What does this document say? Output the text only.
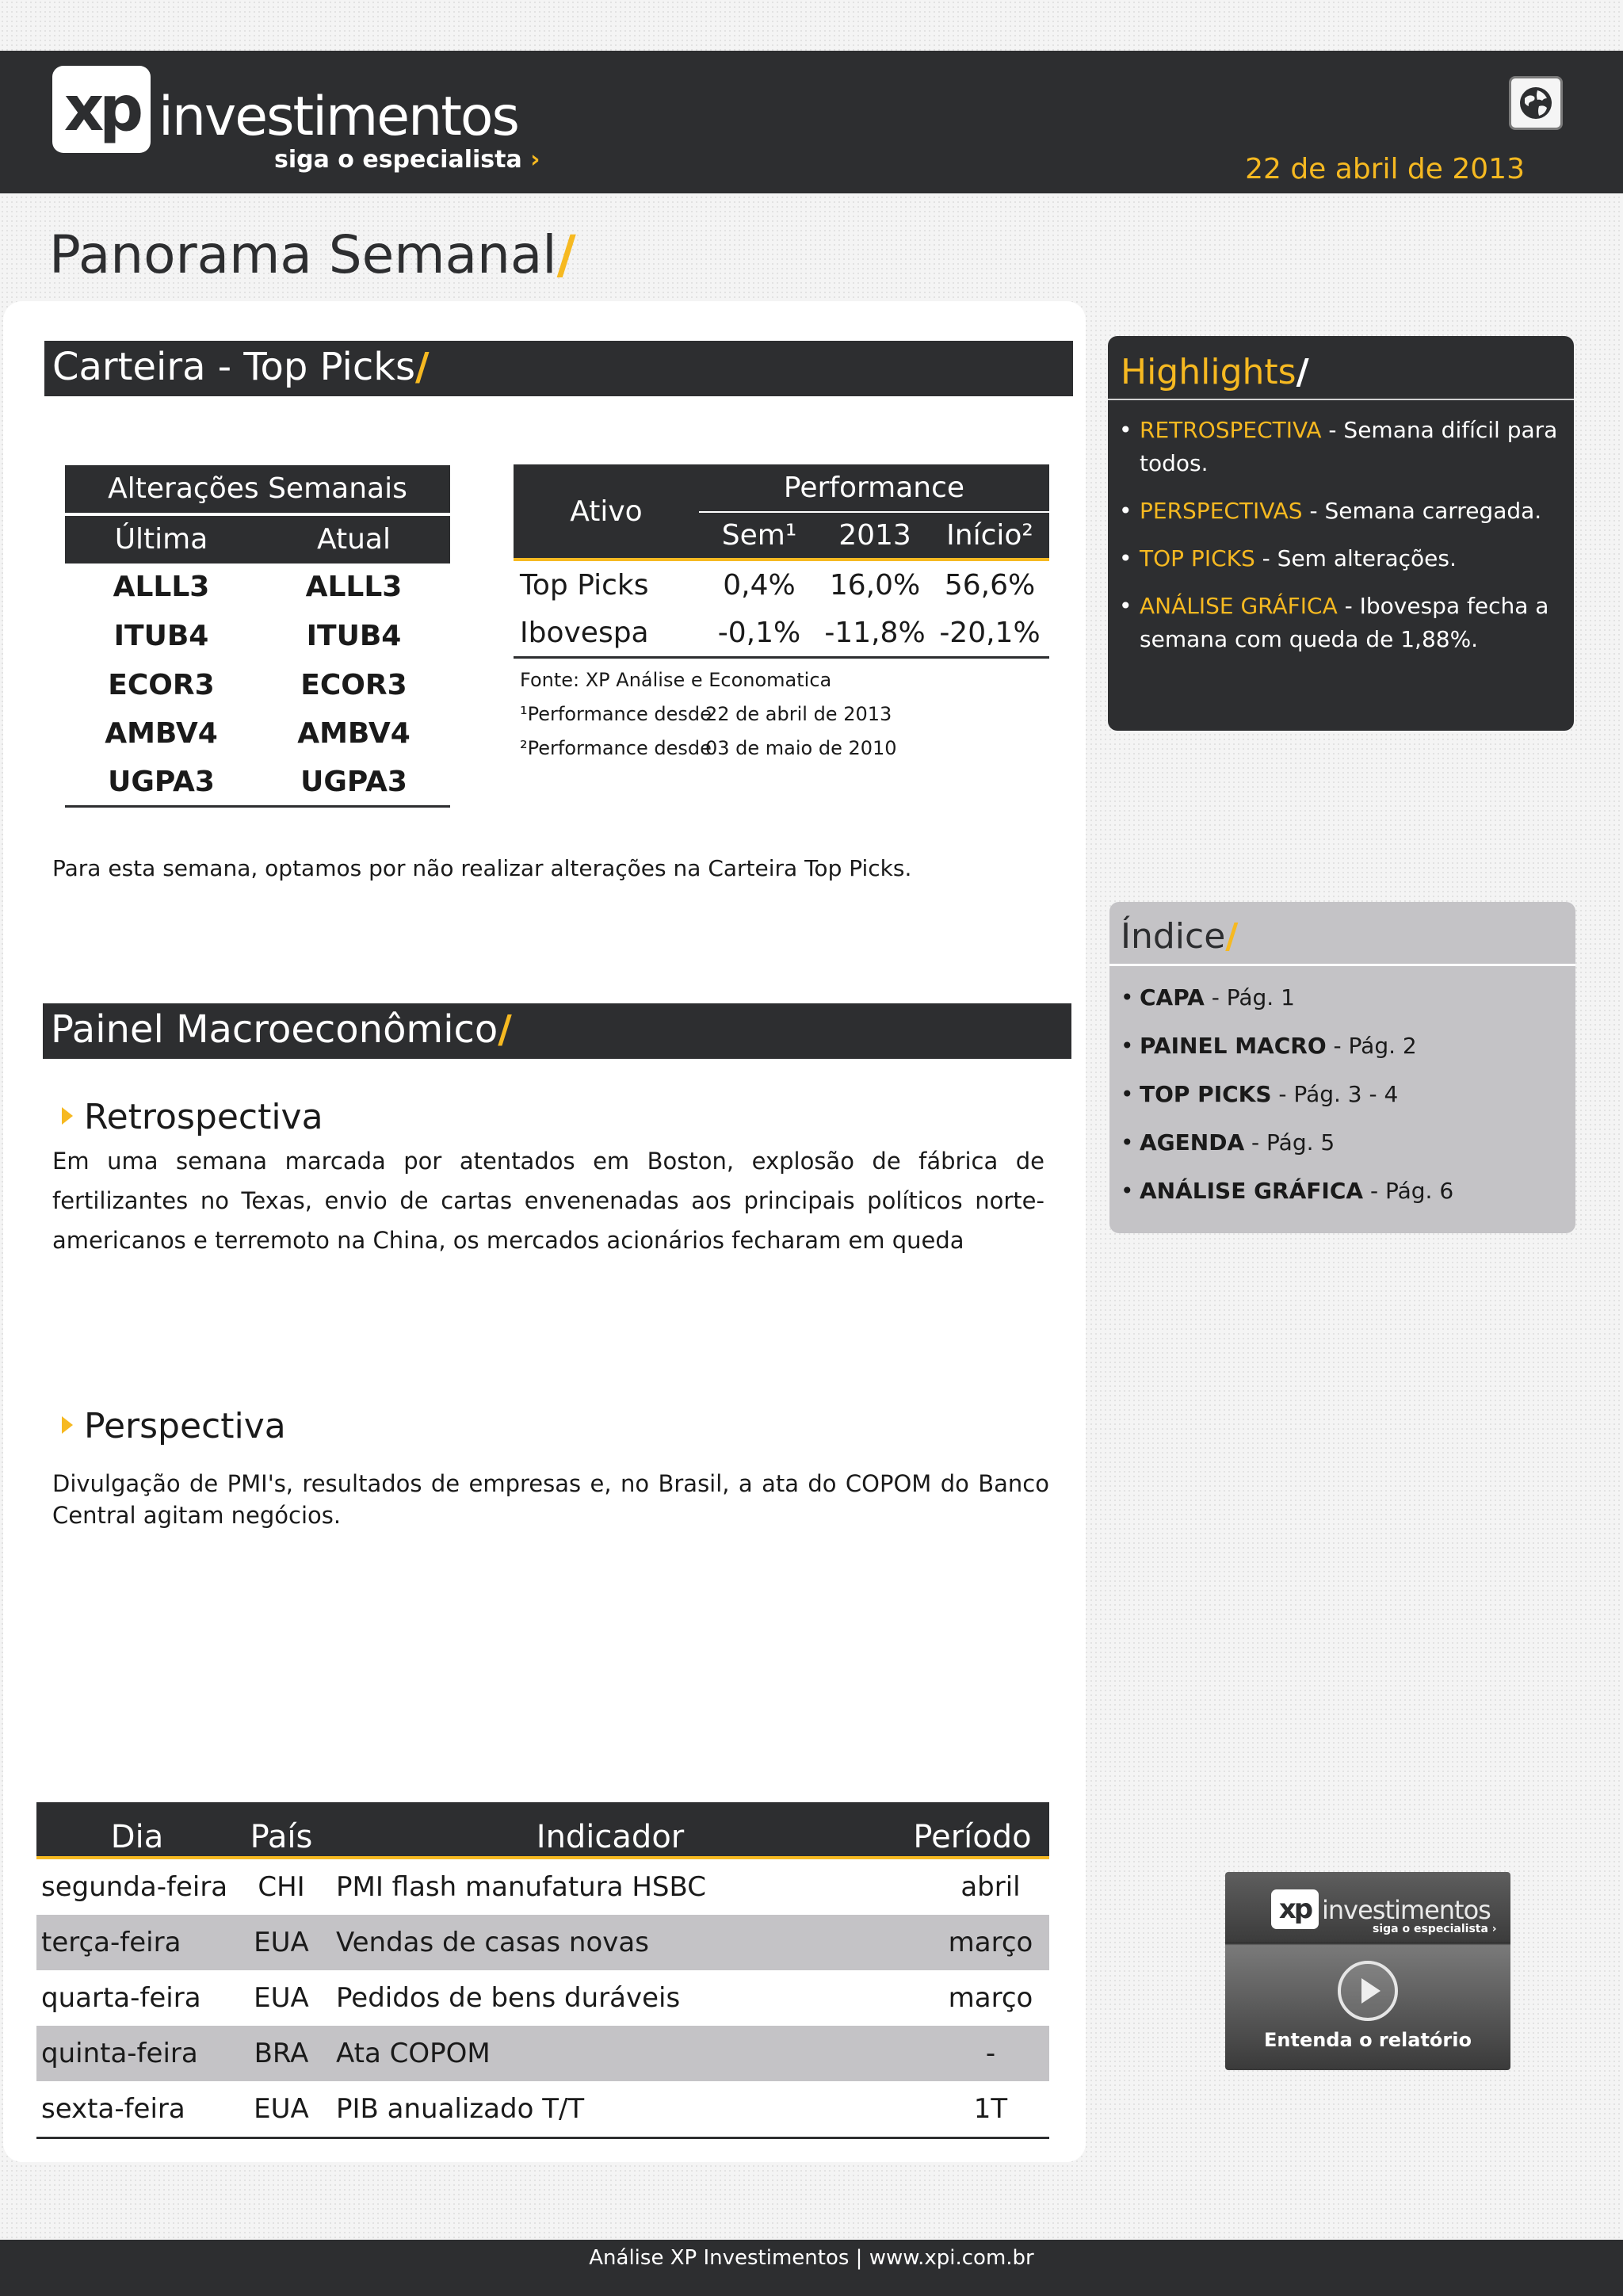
xp investimentos
siga o especialista ›	22 de abril de 2013
Panorama Semanal/
Carteira - Top Picks/
Alterações Semanais
Última	Atual
ALLL3	ALLL3
ITUB4	ITUB4
ECOR3	ECOR3
AMBV4	AMBV4
UGPA3	UGPA3
Ativo
Performance
Sem¹	2013	Início²
Top Picks	0,4%	16,0% 56,6%
Ibovespa	-0,1% -11,8% -20,1%
Fonte: XP Análise e Economatica
¹Performance desde
22 de abril de 2013
²Performance desde
03 de maio de 2010
Para esta semana, optamos por não realizar alterações na Carteira Top Picks.
Painel Macroeconômico/
Retrospectiva
Em uma semana marcada por atentados em Boston, explosão de fábrica de fertilizantes no Texas, envio de cartas envenenadas aos principais políticos norte-americanos e terremoto na China, os mercados acionários fecharam em queda
Perspectiva
Divulgação de PMI's, resultados de empresas e, no Brasil, a ata do COPOM do Banco Central agitam negócios.
Dia	País	Indicador	Período
segunda-feira	CHI	PMI flash manufatura HSBC	abril
terça-feira	EUA	Vendas de casas novas	março
quarta-feira	EUA	Pedidos de bens duráveis	março
quinta-feira	BRA	Ata COPOM	-
sexta-feira	EUA	PIB anualizado T/T	1T
Highlights/
• RETROSPECTIVA - Semana difícil para todos.
• PERSPECTIVAS - Semana carregada.
• TOP PICKS - Sem alterações.
• ANÁLISE GRÁFICA - Ibovespa fecha a semana com queda de 1,88%.
Índice/
• CAPA - Pág. 1
• PAINEL MACRO - Pág. 2
• TOP PICKS - Pág. 3 - 4
• AGENDA - Pág. 5
• ANÁLISE GRÁFICA - Pág. 6
xp investimentos
siga o especialista ›
Entenda o relatório
Análise XP Investimentos | www.xpi.com.br
